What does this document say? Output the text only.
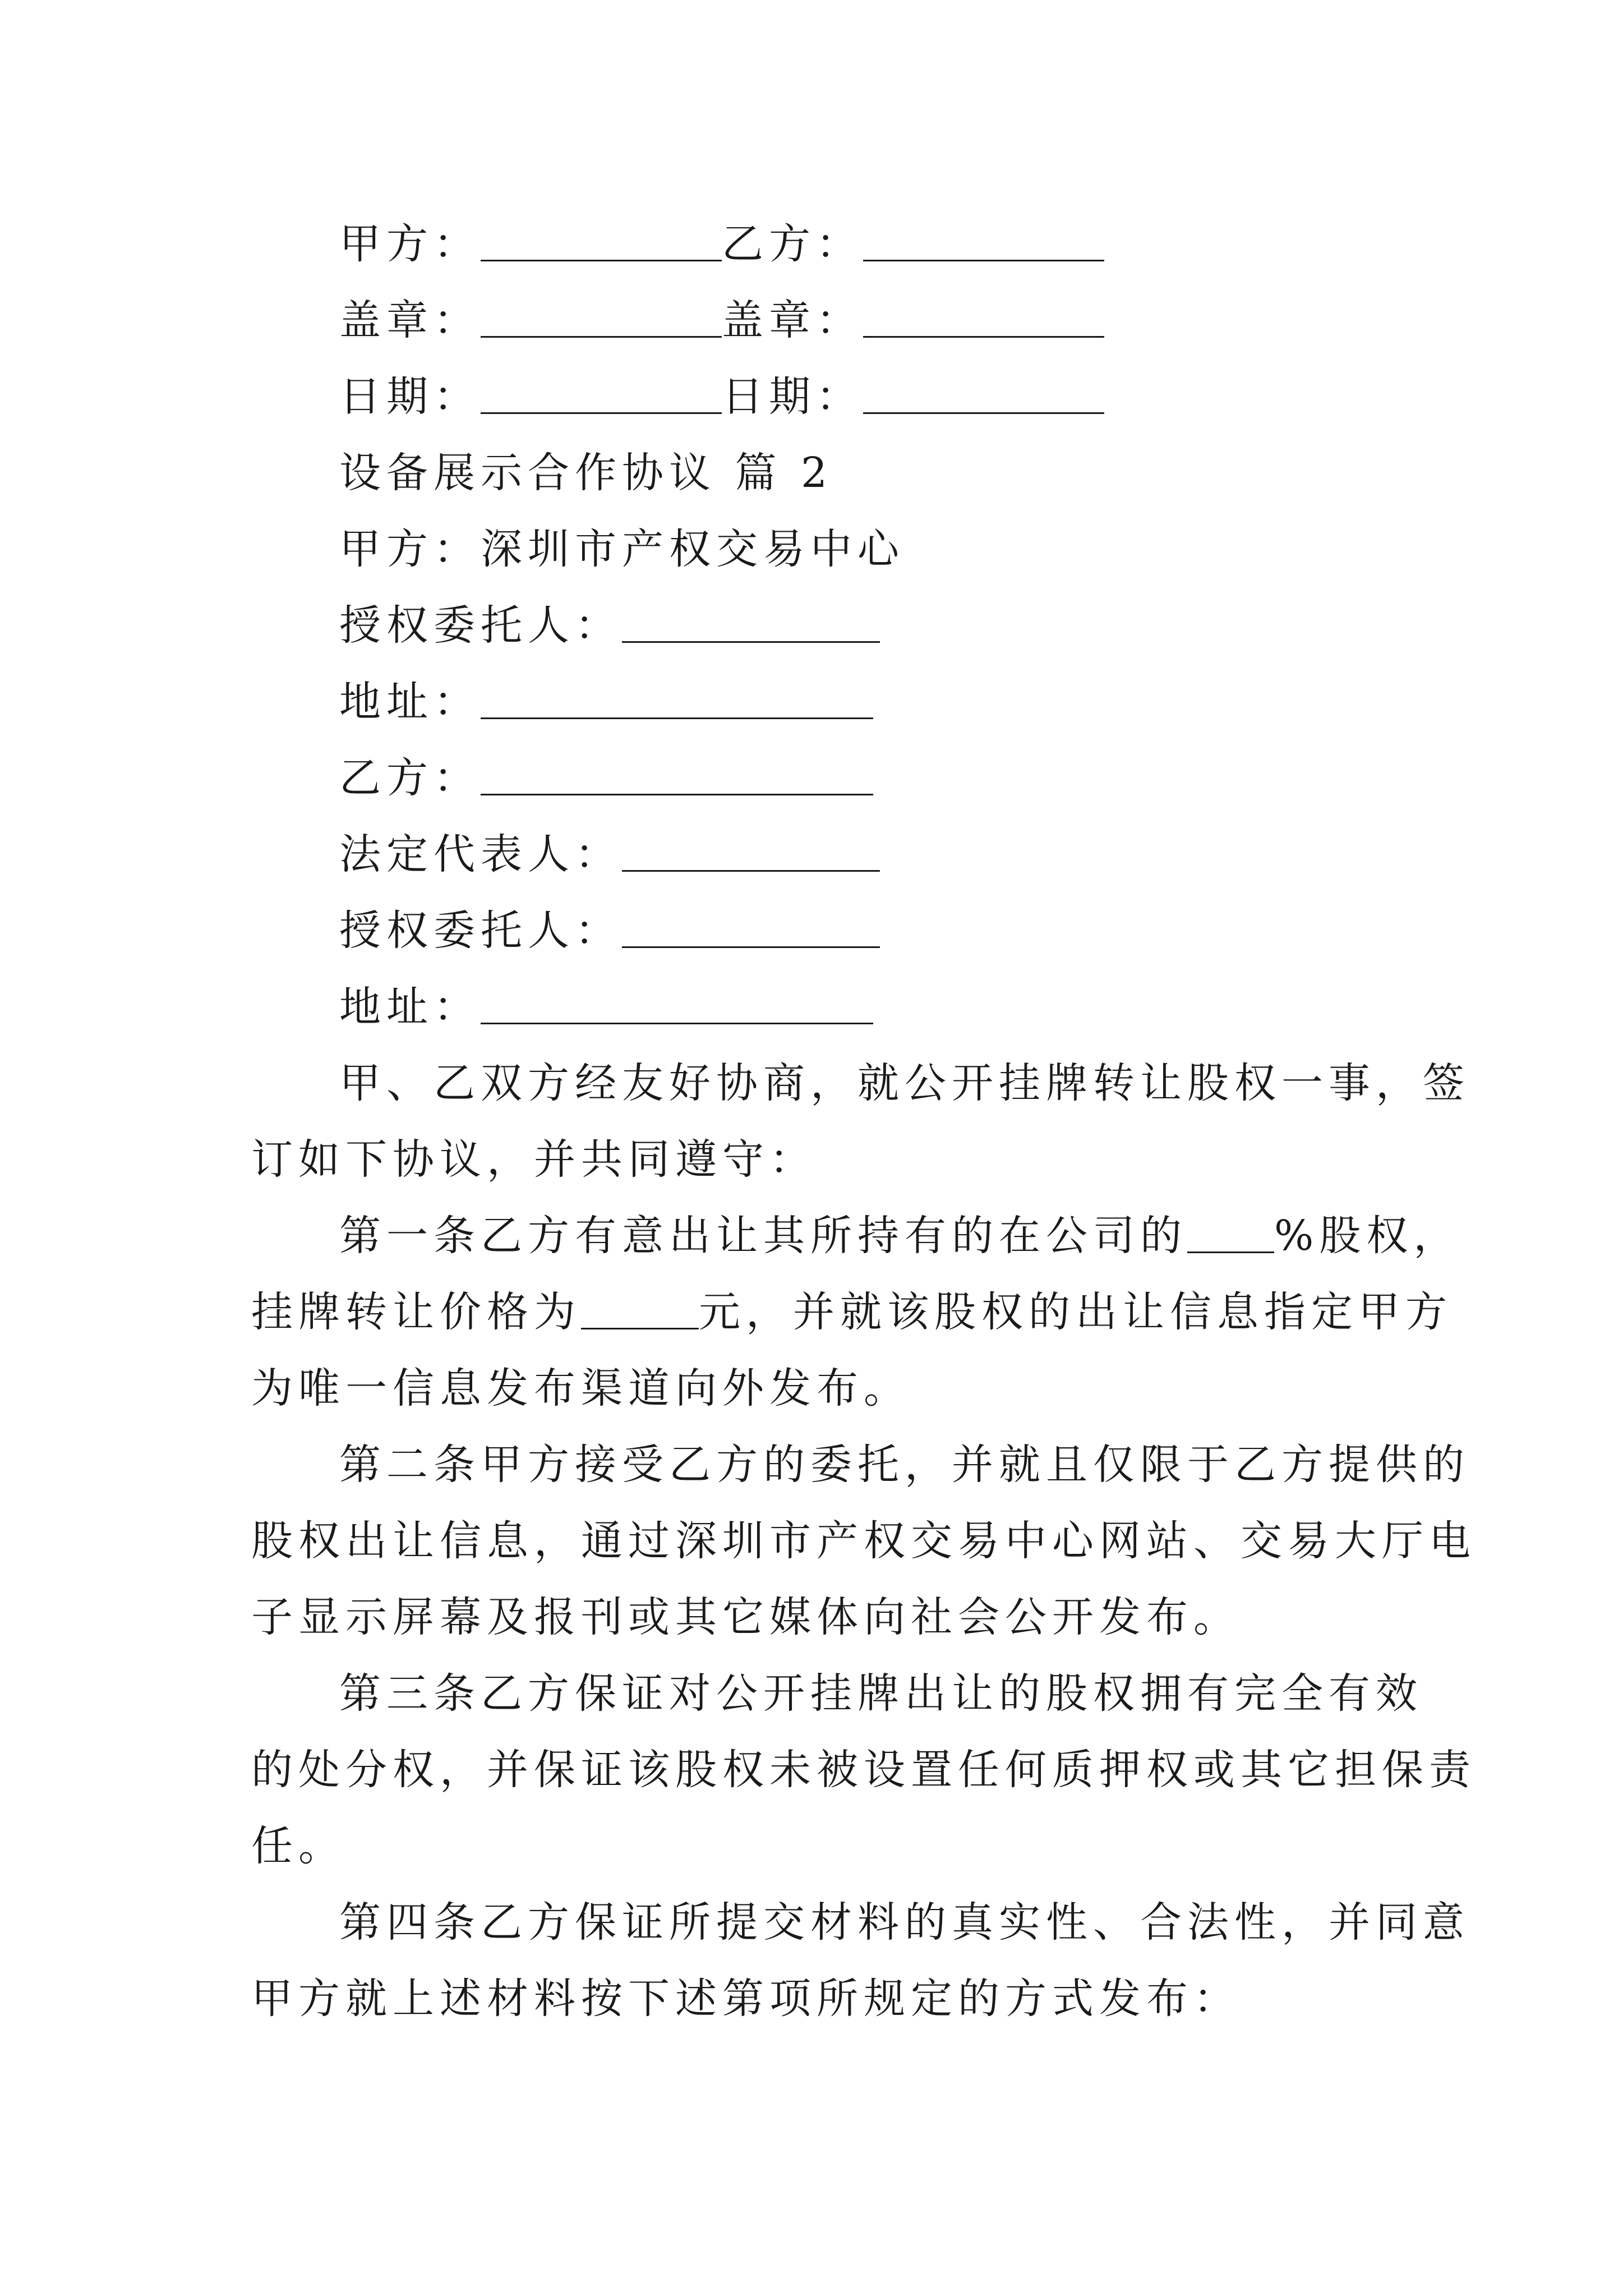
甲方：	乙方：
盖章：	盖章：
日期：	日期：
设备展示合作协议 篇 2
甲方：深圳市产权交易中心
授权委托人：
地址：
乙方：
法定代表人：
授权委托人：
地址：
甲、乙双方经友好协商，就公开挂牌转让股权一事，签
订如下协议，并共同遵守：
第一条乙方有意出让其所持有的在公司的 %股权，
挂牌转让价格为	元，并就该股权的出让信息指定甲方
为唯一信息发布渠道向外发布。
第二条甲方接受乙方的委托，并就且仅限于乙方提供的
股权出让信息，通过深圳市产权交易中心网站、交易大厅电
子显示屏幕及报刊或其它媒体向社会公开发布。
第三条乙方保证对公开挂牌出让的股权拥有完全有效
的处分权，并保证该股权未被设置任何质押权或其它担保责
任。
第四条乙方保证所提交材料的真实性、合法性，并同意
甲方就上述材料按下述第项所规定的方式发布：
